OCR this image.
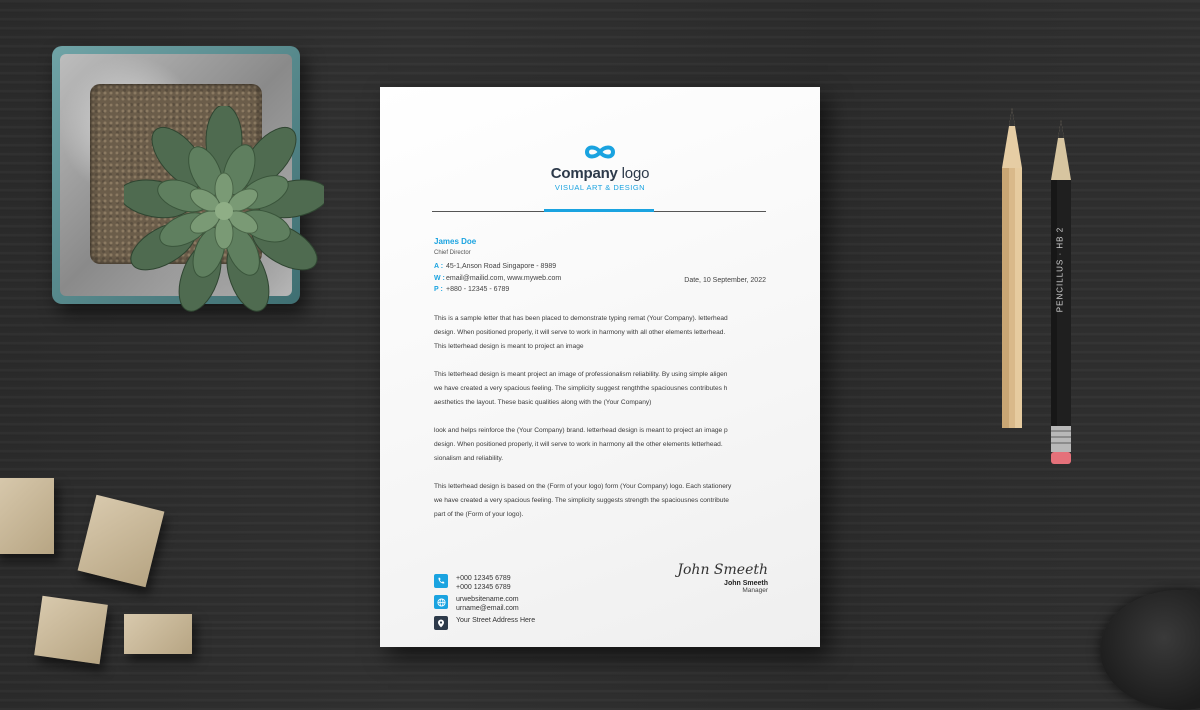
PENCILLUS · HB 2
Company logo
VISUAL ART & DESIGN
James Doe
Chief Director
A : 45-1,Anson Road Singapore - 8989
W :email@mailid.com, www.myweb.com
P : +880 - 12345 - 6789
Date, 10 September, 2022
This is a sample letter that has been placed to demonstrate typing remat (Your Company). letterhead
design. When positioned properly, it will serve to work in harmony with all other elements letterhead.
This letterhead design is meant to project an image
This letterhead design is meant project an image of professionalism reliability. By using simple aligen
we have created a very spacious feeling. The simplicity suggest rengththe spaciousnes contributes h
aesthetics the layout. These basic qualities along with the (Your Company)
look and helps reinforce the (Your Company) brand. letterhead design is meant to project an image p
design. When positioned properly, it will serve to work in harmony all the other elements letterhead.
sionalism and reliability.
This letterhead design is based on the (Form of your logo) form (Your Company) logo. Each stationery
we have created a very spacious feeling. The simplicity suggests strength the spaciousnes contribute
part of the (Form of your logo).
John Smeeth
John Smeeth
Manager
+000 12345 6789
+000 12345 6789
urwebsitename.com
urname@email.com
Your Street Address Here
